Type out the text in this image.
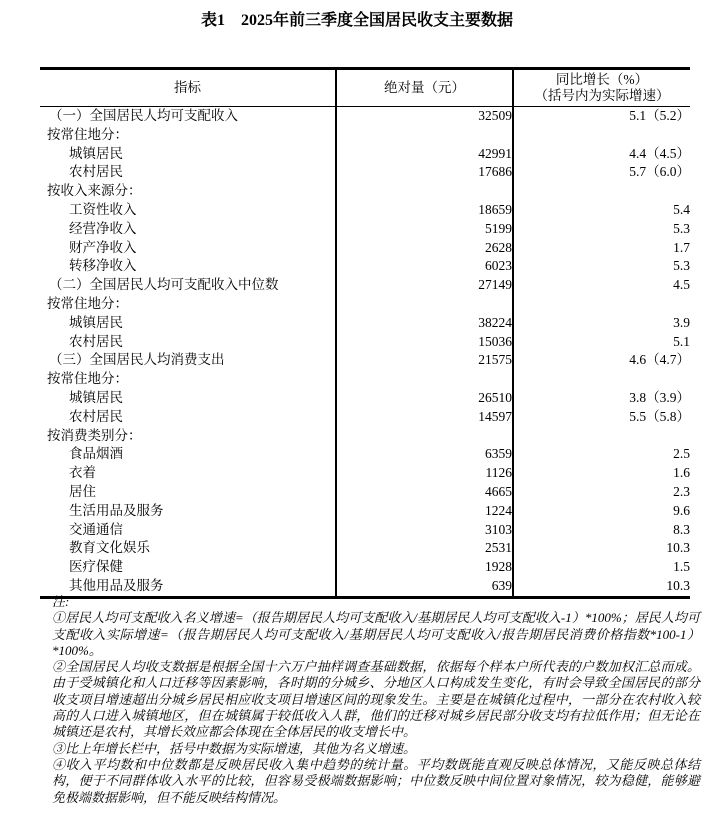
表1　2025年前三季度全国居民收支主要数据
指标	绝对量（元）	同比增长（%）
（括号内为实际增速）

（一）全国居民人均可支配收入	32509	5.1（5.2）
按常住地分：		
城镇居民	42991	4.4（4.5）
农村居民	17686	5.7（6.0）
按收入来源分：		
工资性收入	18659	5.4
经营净收入	5199	5.3
财产净收入	2628	1.7
转移净收入	6023	5.3
（二）全国居民人均可支配收入中位数	27149	4.5
按常住地分：		
城镇居民	38224	3.9
农村居民	15036	5.1
（三）全国居民人均消费支出	21575	4.6（4.7）
按常住地分：		
城镇居民	26510	3.8（3.9）
农村居民	14597	5.5（5.8）
按消费类别分：		
食品烟酒	6359	2.5
衣着	1126	1.6
居住	4665	2.3
生活用品及服务	1224	9.6
交通通信	3103	8.3
教育文化娱乐	2531	10.3
医疗保健	1928	1.5
其他用品及服务	639	10.3
注:
①居民人均可支配收入名义增速=（报告期居民人均可支配收入/基期居民人均可支配收入-1）*100%；居民人均可支配收入实际增速=（报告期居民人均可支配收入/基期居民人均可支配收入/报告期居民消费价格指数*100-1）*100%。
②全国居民人均收支数据是根据全国十六万户抽样调查基础数据，依据每个样本户所代表的户数加权汇总而成。由于受城镇化和人口迁移等因素影响，各时期的分城乡、分地区人口构成发生变化，有时会导致全国居民的部分收支项目增速超出分城乡居民相应收支项目增速区间的现象发生。主要是在城镇化过程中，一部分在农村收入较高的人口进入城镇地区，但在城镇属于较低收入人群，他们的迁移对城乡居民部分收支均有拉低作用；但无论在城镇还是农村，其增长效应都会体现在全体居民的收支增长中。
③比上年增长栏中，括号中数据为实际增速，其他为名义增速。
④收入平均数和中位数都是反映居民收入集中趋势的统计量。平均数既能直观反映总体情况，又能反映总体结构，便于不同群体收入水平的比较，但容易受极端数据影响；中位数反映中间位置对象情况，较为稳健，能够避免极端数据影响，但不能反映结构情况。
